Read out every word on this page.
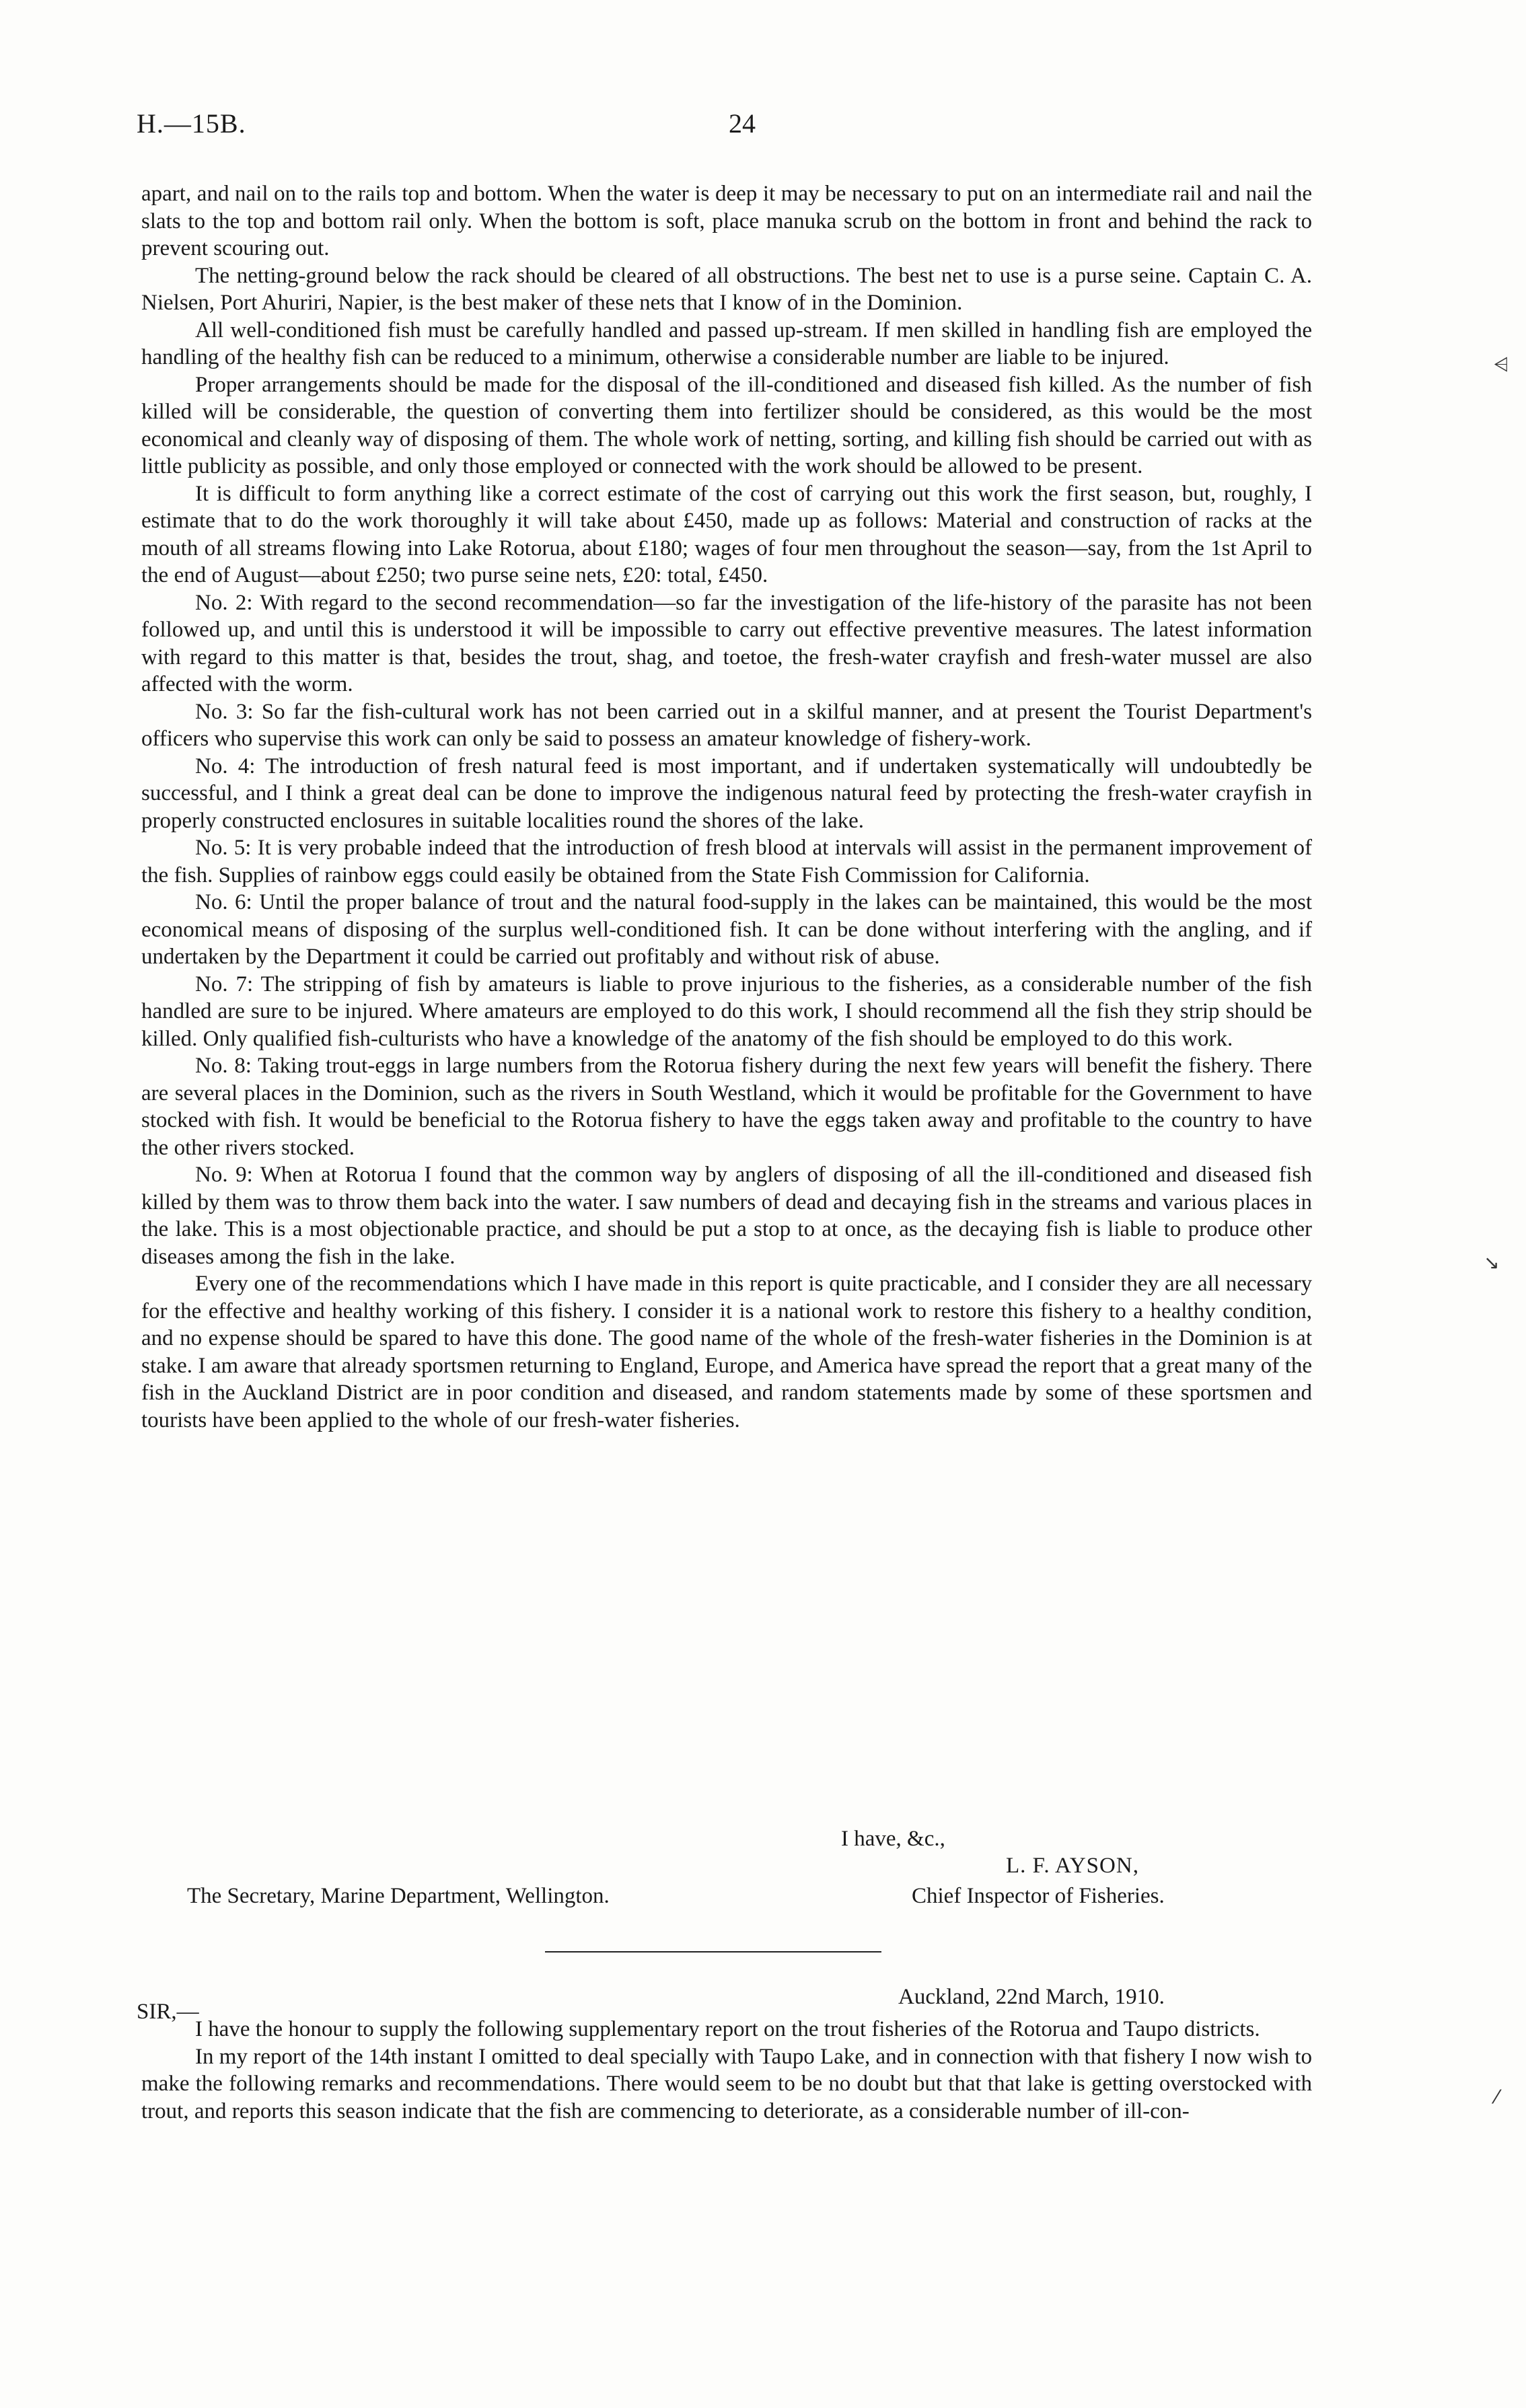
H.—15B.	24

apart, and nail on to the rails top and bottom. When the water is deep it may be necessary to put on an intermediate rail and nail the slats to the top and bottom rail only. When the bottom is soft, place manuka scrub on the bottom in front and behind the rack to prevent scouring out.

The netting-ground below the rack should be cleared of all obstructions. The best net to use is a purse seine. Captain C. A. Nielsen, Port Ahuriri, Napier, is the best maker of these nets that I know of in the Dominion.

All well-conditioned fish must be carefully handled and passed up-stream. If men skilled in handling fish are employed the handling of the healthy fish can be reduced to a minimum, otherwise a considerable number are liable to be injured.

Proper arrangements should be made for the disposal of the ill-conditioned and diseased fish killed. As the number of fish killed will be considerable, the question of converting them into fertilizer should be considered, as this would be the most economical and cleanly way of disposing of them. The whole work of netting, sorting, and killing fish should be carried out with as little publicity as possible, and only those employed or connected with the work should be allowed to be present.

It is difficult to form anything like a correct estimate of the cost of carrying out this work the first season, but, roughly, I estimate that to do the work thoroughly it will take about £450, made up as follows: Material and construction of racks at the mouth of all streams flowing into Lake Rotorua, about £180; wages of four men throughout the season—say, from the 1st April to the end of August—about £250; two purse seine nets, £20: total, £450.

No. 2: With regard to the second recommendation—so far the investigation of the life-history of the parasite has not been followed up, and until this is understood it will be impossible to carry out effective preventive measures. The latest information with regard to this matter is that, besides the trout, shag, and toetoe, the fresh-water crayfish and fresh-water mussel are also affected with the worm.

No. 3: So far the fish-cultural work has not been carried out in a skilful manner, and at present the Tourist Department's officers who supervise this work can only be said to possess an amateur knowledge of fishery-work.

No. 4: The introduction of fresh natural feed is most important, and if undertaken systematically will undoubtedly be successful, and I think a great deal can be done to improve the indigenous natural feed by protecting the fresh-water crayfish in properly constructed enclosures in suitable localities round the shores of the lake.

No. 5: It is very probable indeed that the introduction of fresh blood at intervals will assist in the permanent improvement of the fish. Supplies of rainbow eggs could easily be obtained from the State Fish Commission for California.

No. 6: Until the proper balance of trout and the natural food-supply in the lakes can be maintained, this would be the most economical means of disposing of the surplus well-conditioned fish. It can be done without interfering with the angling, and if undertaken by the Department it could be carried out profitably and without risk of abuse.

No. 7: The stripping of fish by amateurs is liable to prove injurious to the fisheries, as a considerable number of the fish handled are sure to be injured. Where amateurs are employed to do this work, I should recommend all the fish they strip should be killed. Only qualified fish-culturists who have a knowledge of the anatomy of the fish should be employed to do this work.

No. 8: Taking trout-eggs in large numbers from the Rotorua fishery during the next few years will benefit the fishery. There are several places in the Dominion, such as the rivers in South Westland, which it would be profitable for the Government to have stocked with fish. It would be beneficial to the Rotorua fishery to have the eggs taken away and profitable to the country to have the other rivers stocked.

No. 9: When at Rotorua I found that the common way by anglers of disposing of all the ill-conditioned and diseased fish killed by them was to throw them back into the water. I saw numbers of dead and decaying fish in the streams and various places in the lake. This is a most objectionable practice, and should be put a stop to at once, as the decaying fish is liable to produce other diseases among the fish in the lake.

Every one of the recommendations which I have made in this report is quite practicable, and I consider they are all necessary for the effective and healthy working of this fishery. I consider it is a national work to restore this fishery to a healthy condition, and no expense should be spared to have this done. The good name of the whole of the fresh-water fisheries in the Dominion is at stake. I am aware that already sportsmen returning to England, Europe, and America have spread the report that a great many of the fish in the Auckland District are in poor condition and diseased, and random statements made by some of these sportsmen and tourists have been applied to the whole of our fresh-water fisheries.

I have, &c.,
L. F. AYSON,
The Secretary, Marine Department, Wellington.	Chief Inspector of Fisheries.
Auckland, 22nd March, 1910.
SIR,—

I have the honour to supply the following supplementary report on the trout fisheries of the Rotorua and Taupo districts.

In my report of the 14th instant I omitted to deal specially with Taupo Lake, and in connection with that fishery I now wish to make the following remarks and recommendations. There would seem to be no doubt but that that lake is getting overstocked with trout, and reports this season indicate that the fish are commencing to deteriorate, as a considerable number of ill-con-

⩤
↘
⁄
